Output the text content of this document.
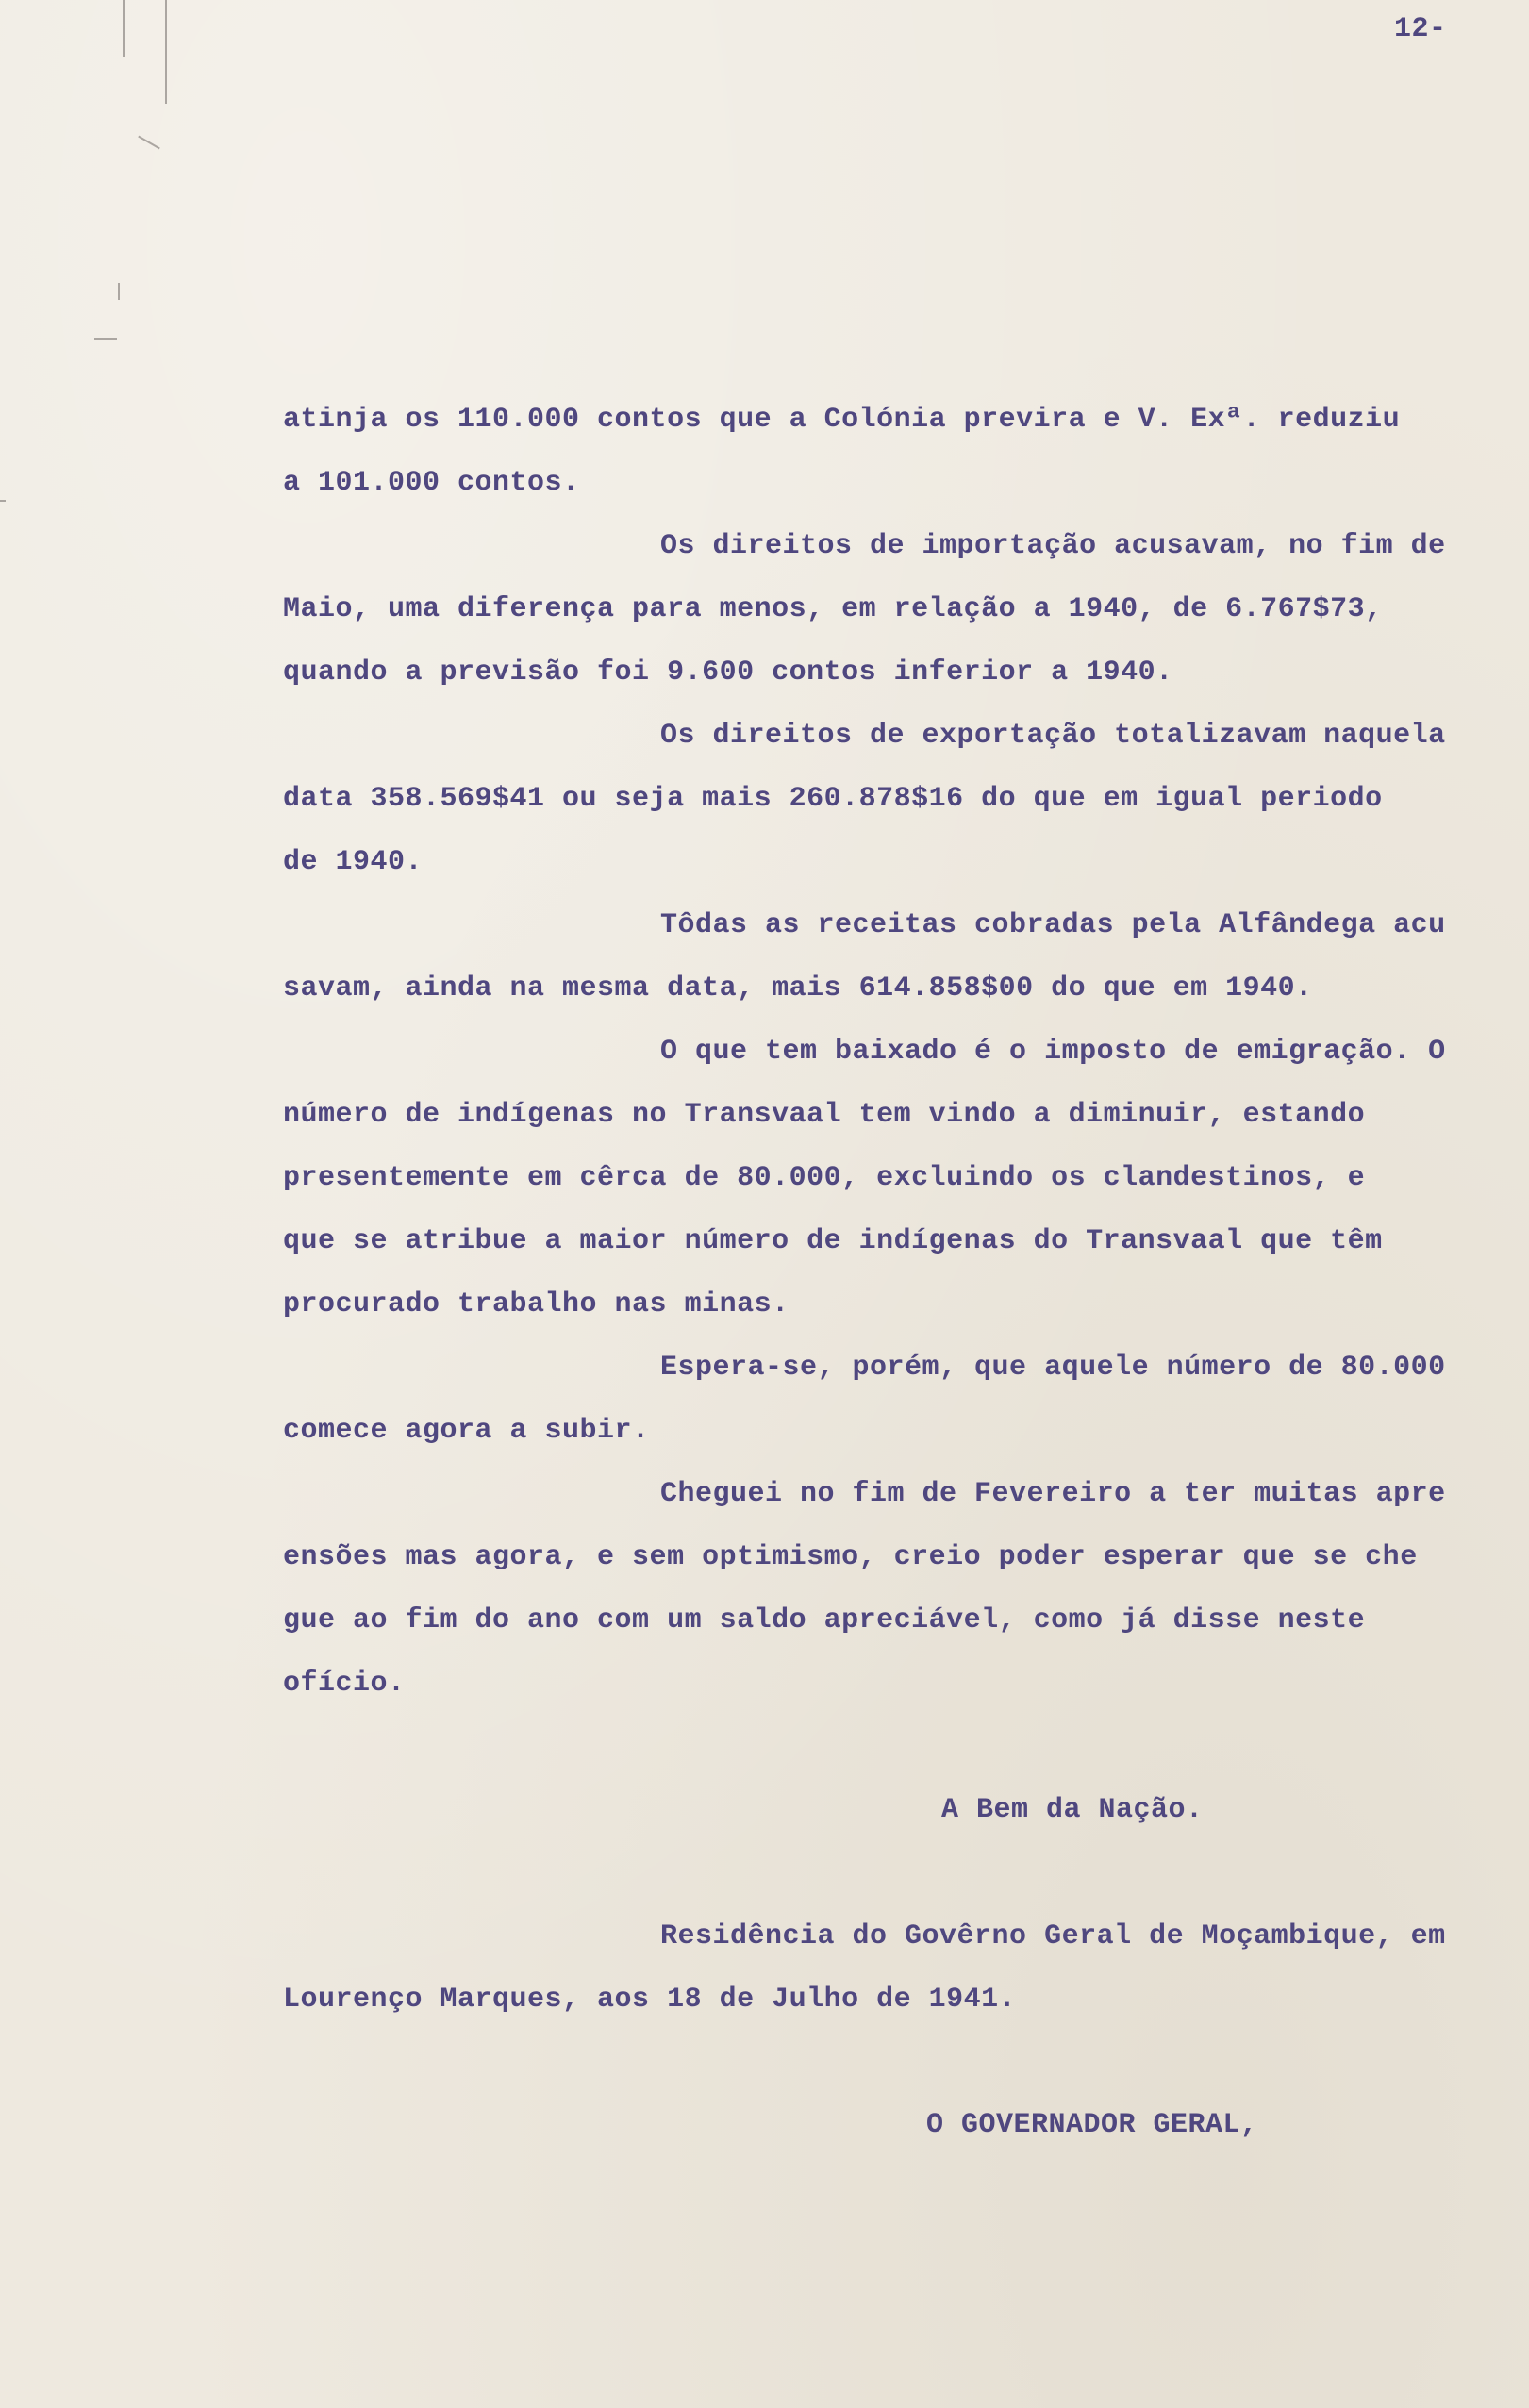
12-
atinja os 110.000 contos que a Colónia previra e V. Exª. reduziu
a 101.000 contos.
Os direitos de importação acusavam, no fim de
Maio, uma diferença para menos, em relação a 1940, de 6.767$73,
quando a previsão foi 9.600 contos inferior a 1940.
Os direitos de exportação totalizavam naquela
data 358.569$41 ou seja mais 260.878$16 do que em igual periodo
de 1940.
Tôdas as receitas cobradas pela Alfândega acu
savam, ainda na mesma data, mais 614.858$00 do que em 1940.
O que tem baixado é o imposto de emigração. O
número de indígenas no Transvaal tem vindo a diminuir, estando
presentemente em cêrca de 80.000, excluindo os clandestinos, e
que se atribue a maior número de indígenas do Transvaal que têm
procurado trabalho nas minas.
Espera-se, porém, que aquele número de 80.000
comece agora a subir.
Cheguei no fim de Fevereiro a ter muitas apre
ensões mas agora, e sem optimismo, creio poder esperar que se che
gue ao fim do ano com um saldo apreciável, como já disse neste
ofício.
A Bem da Nação.
Residência do Govêrno Geral de Moçambique, em
Lourenço Marques, aos 18 de Julho de 1941.
O GOVERNADOR GERAL,
